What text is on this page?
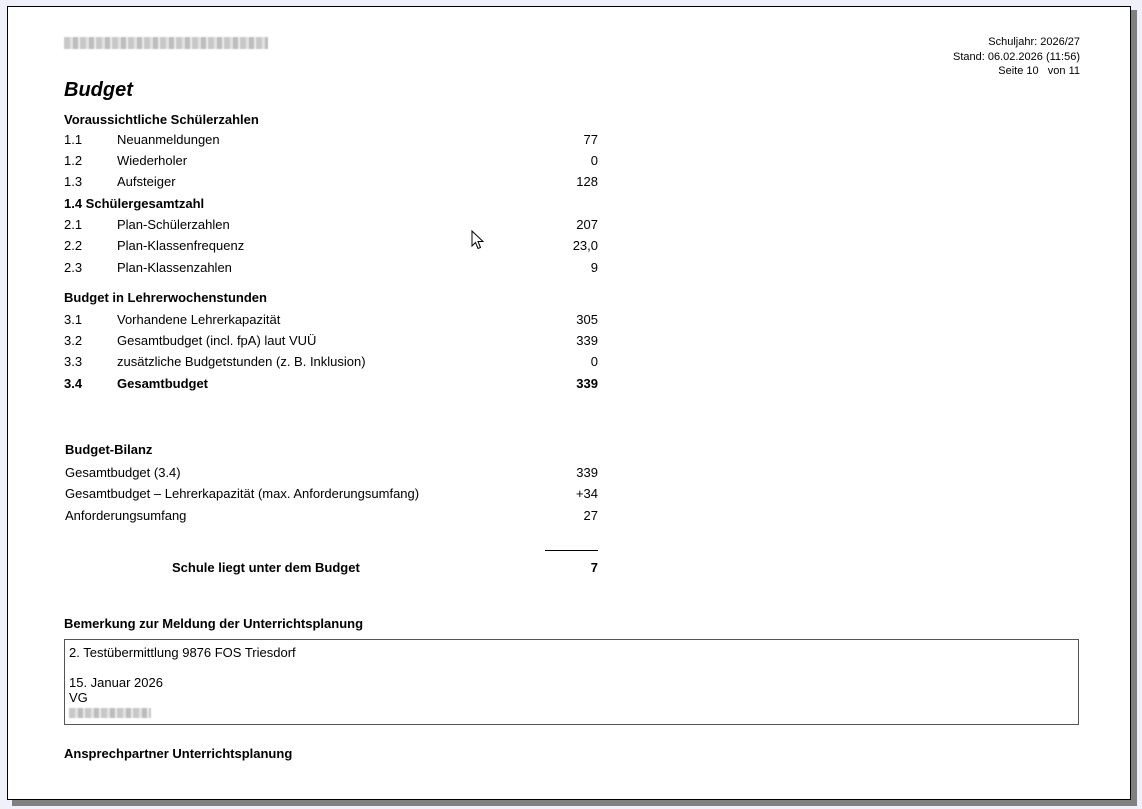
Schuljahr: 2026/27
Stand: 06.02.2026 (11:56)
Seite 10   von 11
Budget
Voraussichtliche Schülerzahlen
1.1	Neuanmeldungen	77
1.2	Wiederholer	0
1.3	Aufsteiger	128
1.4 Schülergesamtzahl
2.1	Plan-Schülerzahlen	207
2.2	Plan-Klassenfrequenz	23,0
2.3	Plan-Klassenzahlen	9
Budget in Lehrerwochenstunden
3.1	Vorhandene Lehrerkapazität	305
3.2	Gesamtbudget (incl. fpA) laut VUÜ	339
3.3	zusätzliche Budgetstunden (z. B. Inklusion)	0
3.4	Gesamtbudget	339
Budget-Bilanz
Gesamtbudget (3.4)	339
Gesamtbudget – Lehrerkapazität (max. Anforderungsumfang)	+34
Anforderungsumfang	27
Schule liegt unter dem Budget	7
Bemerkung zur Meldung der Unterrichtsplanung
2. Testübermittlung 9876 FOS Triesdorf
15. Januar 2026
VG
Ansprechpartner Unterrichtsplanung
